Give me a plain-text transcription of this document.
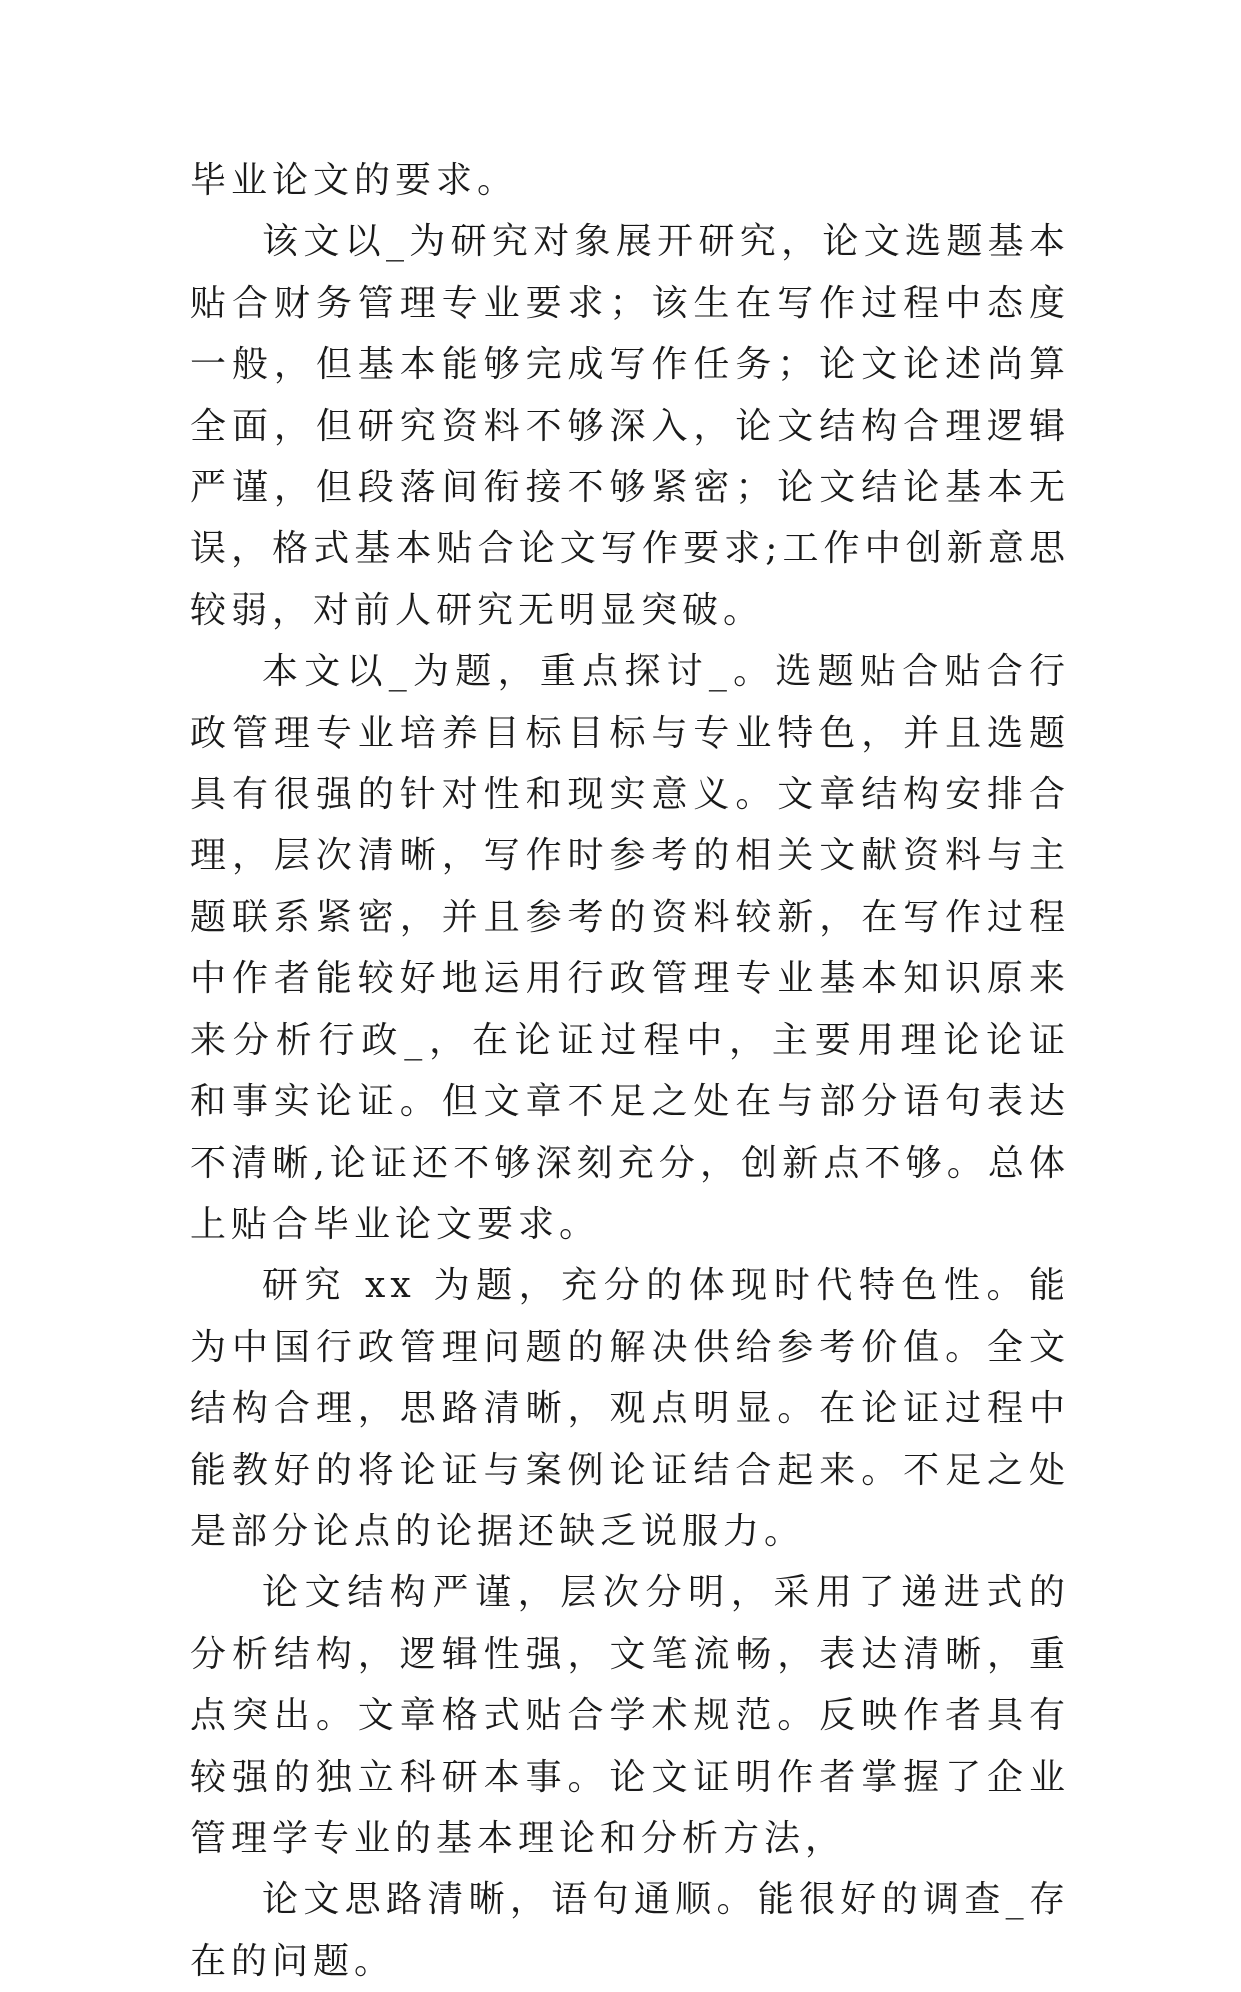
毕业论文的要求。

该文以_为研究对象展开研究，论文选题基本贴合财务管理专业要求；该生在写作过程中态度一般，但基本能够完成写作任务；论文论述尚算全面，但研究资料不够深入，论文结构合理逻辑严谨，但段落间衔接不够紧密；论文结论基本无误，格式基本贴合论文写作要求;工作中创新意思较弱，对前人研究无明显突破。

本文以_为题，重点探讨_。选题贴合贴合行政管理专业培养目标目标与专业特色，并且选题具有很强的针对性和现实意义。文章结构安排合理，层次清晰，写作时参考的相关文献资料与主题联系紧密，并且参考的资料较新，在写作过程中作者能较好地运用行政管理专业基本知识原来来分析行政_，在论证过程中，主要用理论论证和事实论证。但文章不足之处在与部分语句表达不清晰,论证还不够深刻充分，创新点不够。总体上贴合毕业论文要求。

研究 xx 为题，充分的体现时代特色性。能为中国行政管理问题的解决供给参考价值。全文结构合理，思路清晰，观点明显。在论证过程中能教好的将论证与案例论证结合起来。不足之处是部分论点的论据还缺乏说服力。

论文结构严谨，层次分明，采用了递进式的分析结构，逻辑性强，文笔流畅，表达清晰，重点突出。文章格式贴合学术规范。反映作者具有较强的独立科研本事。论文证明作者掌握了企业管理学专业的基本理论和分析方法，

论文思路清晰，语句通顺。能很好的调查_存在的问题。
